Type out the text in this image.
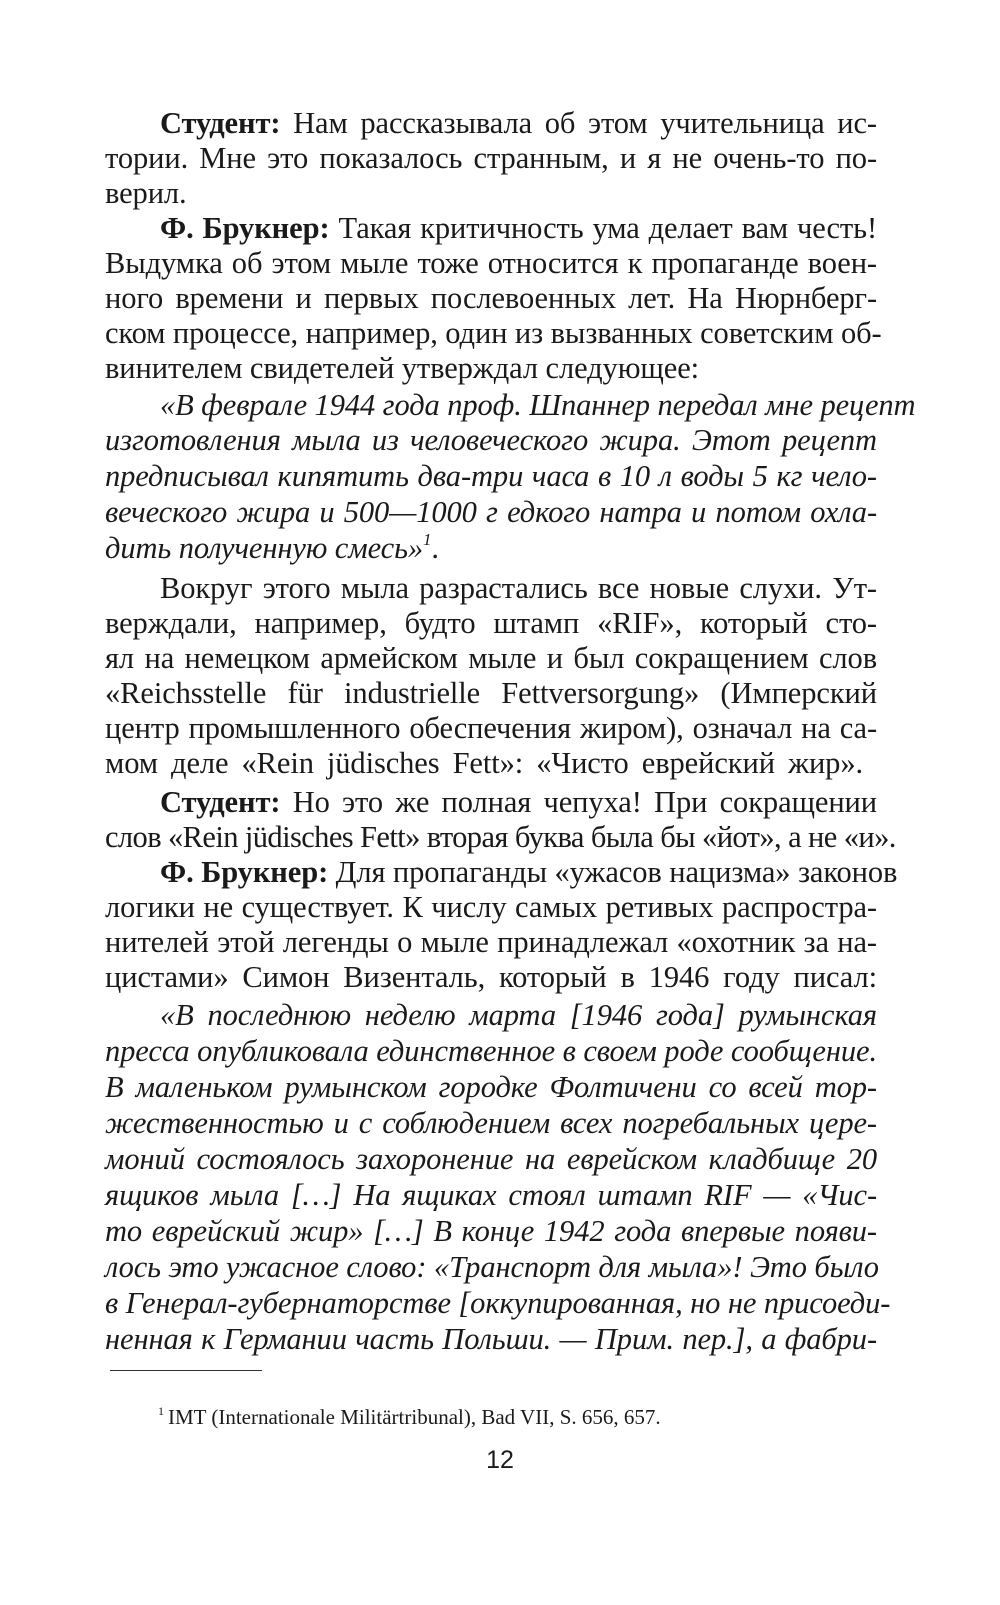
Студент: Нам рассказывала об этом учительница ис-
тории. Мне это показалось странным, и я не очень-то по-
верил.
Ф. Брукнер: Такая критичность ума делает вам честь!
Выдумка об этом мыле тоже относится к пропаганде воен-
ного времени и первых послевоенных лет. На Нюрнберг-
ском процессе, например, один из вызванных советским об-
винителем свидетелей утверждал следующее:
«В феврале 1944 года проф. Шпаннер передал мне рецепт
изготовления мыла из человеческого жира. Этот рецепт
предписывал кипятить два-три часа в 10 л воды 5 кг чело-
веческого жира и 500—1000 г едкого натра и потом охла-
дить полученную смесь»$^1$.
Вокруг этого мыла разрастались все новые слухи. Ут-
верждали, например, будто штамп «RIF», который сто-
ял на немецком армейском мыле и был сокращением слов
«Reichsstelle für industrielle Fettversorgung» (Имперский
центр промышленного обеспечения жиром), означал на са-
мом деле «Rein jüdisches Fett»: «Чисто еврейский жир».
Студент: Но это же полная чепуха! При сокращении
слов «Rein jüdisches Fett» вторая буква была бы «йот», а не «и».
Ф. Брукнер: Для пропаганды «ужасов нацизма» законов
логики не существует. К числу самых ретивых распростра-
нителей этой легенды о мыле принадлежал «охотник за на-
цистами» Симон Визенталь, который в 1946 году писал:
«В последнюю неделю марта [1946 года] румынская
пресса опубликовала единственное в своем роде сообщение.
В маленьком румынском городке Фолтичени со всей тор-
жественностью и с соблюдением всех погребальных цере-
моний состоялось захоронение на еврейском кладбище 20
ящиков мыла […] На ящиках стоял штамп RIF — «Чис-
то еврейский жир» […] В конце 1942 года впервые появи-
лось это ужасное слово: «Транспорт для мыла»! Это было
в Генерал-губернаторстве [оккупированная, но не присоеди-
ненная к Германии часть Польши. — Прим. пер.], а фабри-
$^1$ IMT (Internationale Militärtribunal), Bad VII, S. 656, 657.
12
